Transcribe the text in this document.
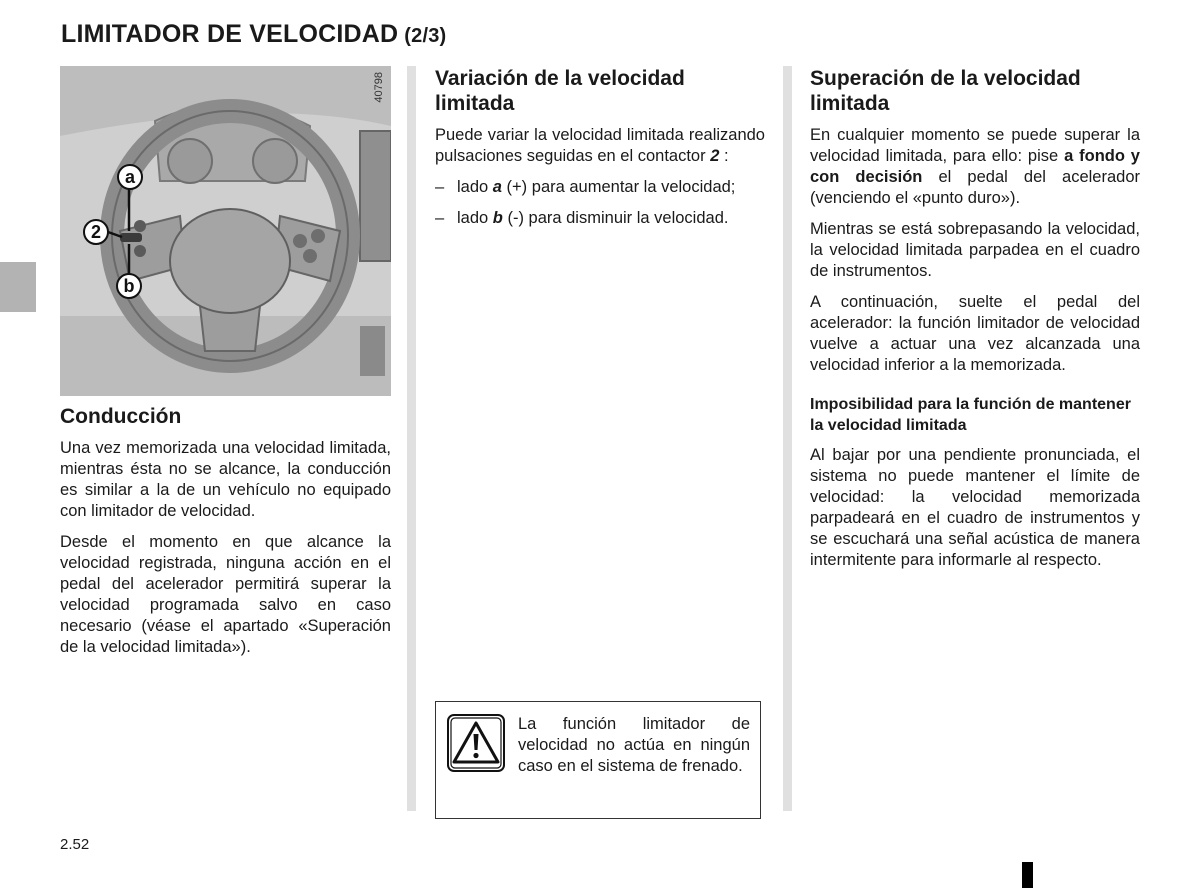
LIMITADOR DE VELOCIDAD (2/3)
a
2
b
40798
Conducción

Una vez memorizada una velocidad limitada, mientras ésta no se alcance, la conducción es similar a la de un vehículo no equipado con limitador de velocidad.

Desde el momento en que alcance la velocidad registrada, ninguna acción en el pedal del acelerador permitirá superar la velocidad programada salvo en caso necesario (véase el apartado «Superación de la velocidad limitada»).

Variación de la velocidad limitada

Puede variar la velocidad limitada realizando pulsaciones seguidas en el contactor 2 :

– lado a (+) para aumentar la velocidad;
– lado b (-) para disminuir la velocidad.

La función limitador de velocidad no actúa en ningún caso en el sistema de frenado.

Superación de la velocidad limitada

En cualquier momento se puede superar la velocidad limitada, para ello: pise a fondo y con decisión el pedal del acelerador (venciendo el «punto duro»).

Mientras se está sobrepasando la velocidad, la velocidad limitada parpadea en el cuadro de instrumentos.

A continuación, suelte el pedal del acelerador: la función limitador de velocidad vuelve a actuar una vez alcanzada una velocidad inferior a la memorizada.

Imposibilidad para la función de mantener la velocidad limitada

Al bajar por una pendiente pronunciada, el sistema no puede mantener el límite de velocidad: la velocidad memorizada parpadeará en el cuadro de instrumentos y se escuchará una señal acústica de manera intermitente para informarle al respecto.

2.52
